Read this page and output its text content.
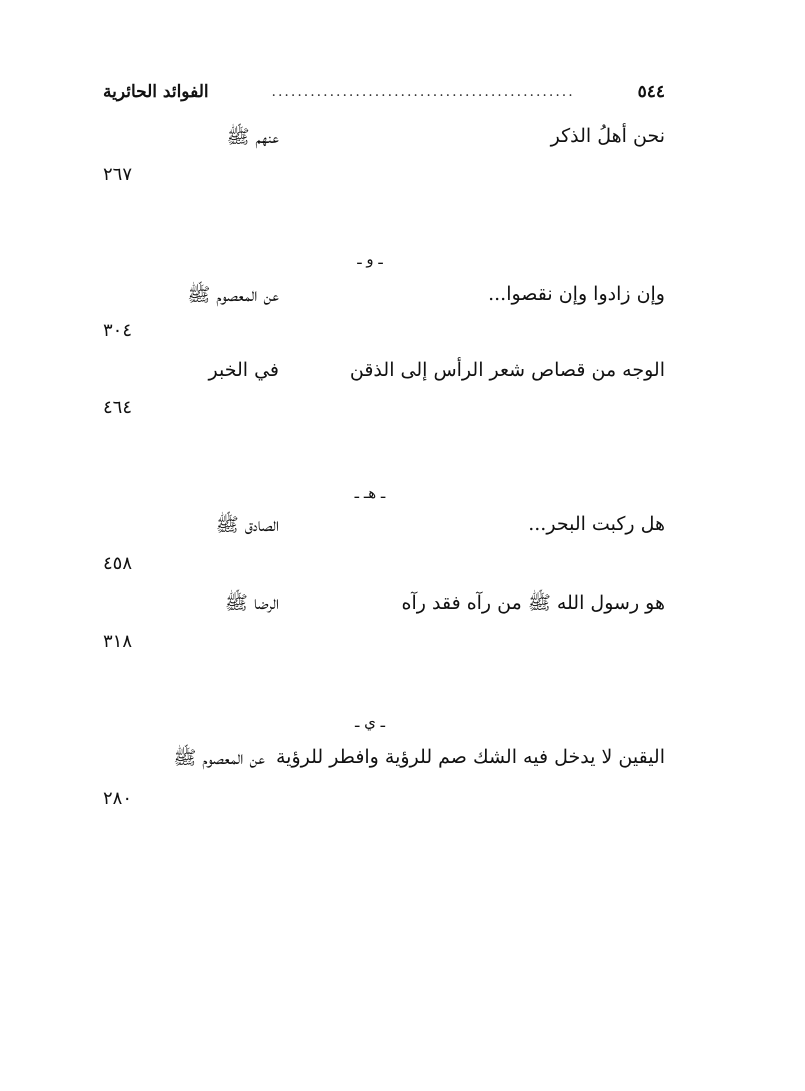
٥٤٤
...............................................
الفوائد الحائرية
نحن أهلُ الذكر
عنهم ﷺ
٢٦٧
ـ و ـ
وإن زادوا وإن نقصوا...
عن المعصوم ﷺ
٣٠٤
الوجه من قصاص شعر الرأس إلى الذقن
في الخبر
٤٦٤
ـ هـ ـ
هل ركبت البحر...
الصادق ﷺ
٤٥٨
هو رسول الله ﷺ من رآه فقد رآه
الرضا ﷺ
٣١٨
ـ ي ـ
اليقين لا يدخل فيه الشك صم للرؤية وافطر للرؤية
عن المعصوم ﷺ
٢٨٠
